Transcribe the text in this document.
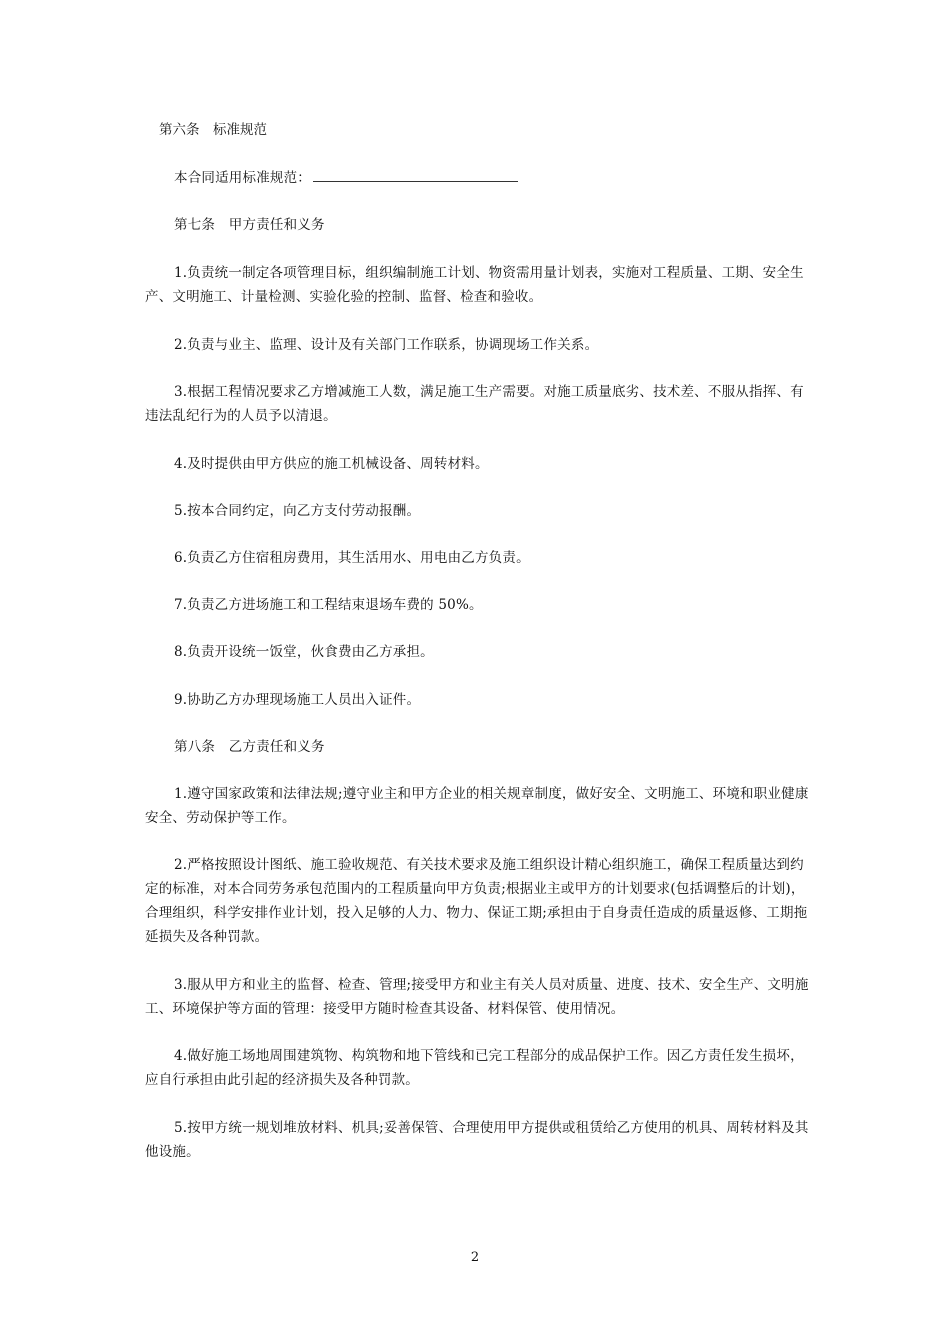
第六条　标准规范

本合同适用标准规范：

第七条　甲方责任和义务

1.负责统一制定各项管理目标，组织编制施工计划、物资需用量计划表，实施对工程质量、工期、安全生产、文明施工、计量检测、实验化验的控制、监督、检查和验收。

2.负责与业主、监理、设计及有关部门工作联系，协调现场工作关系。

3.根据工程情况要求乙方增减施工人数，满足施工生产需要。对施工质量底劣、技术差、不服从指挥、有违法乱纪行为的人员予以清退。

4.及时提供由甲方供应的施工机械设备、周转材料。

5.按本合同约定，向乙方支付劳动报酬。

6.负责乙方住宿租房费用，其生活用水、用电由乙方负责。

7.负责乙方进场施工和工程结束退场车费的 50%。

8.负责开设统一饭堂，伙食费由乙方承担。

9.协助乙方办理现场施工人员出入证件。

第八条　乙方责任和义务

1.遵守国家政策和法律法规;遵守业主和甲方企业的相关规章制度，做好安全、文明施工、环境和职业健康安全、劳动保护等工作。

2.严格按照设计图纸、施工验收规范、有关技术要求及施工组织设计精心组织施工，确保工程质量达到约定的标准，对本合同劳务承包范围内的工程质量向甲方负责;根据业主或甲方的计划要求(包括调整后的计划)，合理组织，科学安排作业计划，投入足够的人力、物力、保证工期;承担由于自身责任造成的质量返修、工期拖延损失及各种罚款。

3.服从甲方和业主的监督、检查、管理;接受甲方和业主有关人员对质量、进度、技术、安全生产、文明施工、环境保护等方面的管理：接受甲方随时检查其设备、材料保管、使用情况。

4.做好施工场地周围建筑物、构筑物和地下管线和已完工程部分的成品保护工作。因乙方责任发生损坏，应自行承担由此引起的经济损失及各种罚款。

5.按甲方统一规划堆放材料、机具;妥善保管、合理使用甲方提供或租赁给乙方使用的机具、周转材料及其他设施。

2
